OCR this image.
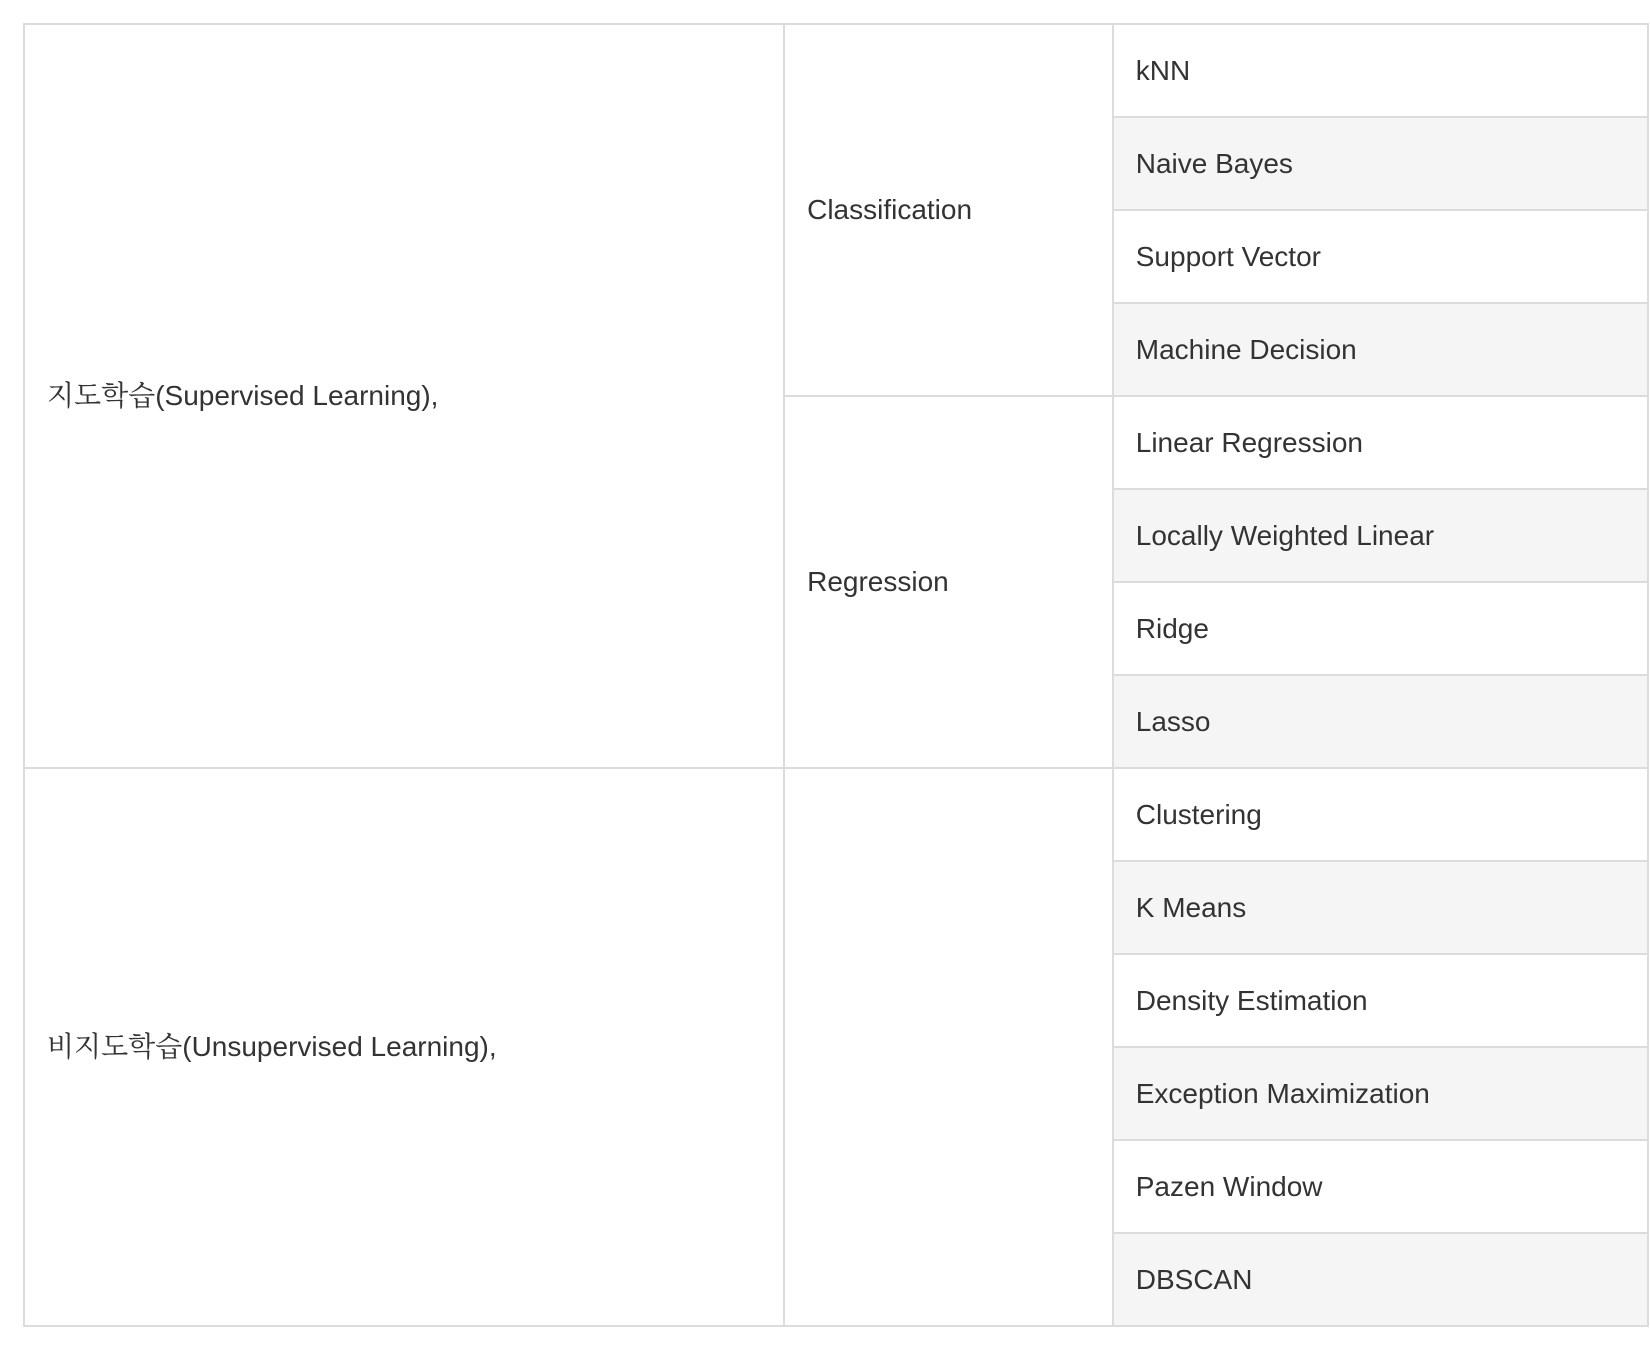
지도학습(Supervised Learning),	Classification	kNN
		Naive Bayes
		Support Vector
		Machine Decision
	Regression	Linear Regression
		Locally Weighted Linear
		Ridge
		Lasso
비지도학습(Unsupervised Learning),		Clustering
		K Means
		Density Estimation
		Exception Maximization
		Pazen Window
		DBSCAN
